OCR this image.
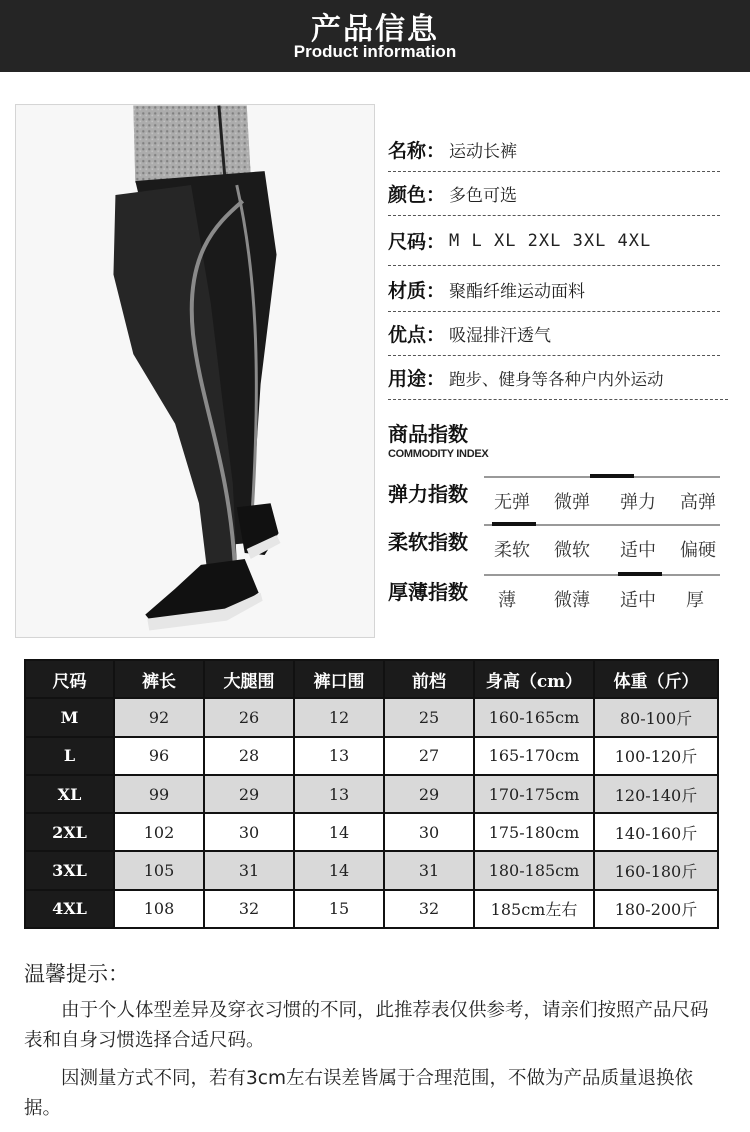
产品信息
Product information
名称 ： 运动长裤
颜色 ： 多色可选
尺码 ： M L XL 2XL 3XL 4XL
材质 ： 聚酯纤维运动面料
优点 ： 吸湿排汗透气
用途 ： 跑步、健身等各种户内外运动
商品指数
COMMODITY INDEX
弹力指数 无弹 微弹 弹力 高弹
柔软指数 柔软 微软 适中 偏硬
厚薄指数 薄 微薄 适中 厚
尺码	裤长	大腿围	裤口围	前档	身高（cm）	体重（斤）
M	92	26	12	25	160-165cm	80-100斤
L	96	28	13	27	165-170cm	100-120斤
XL	99	29	13	29	170-175cm	120-140斤
2XL	102	30	14	30	175-180cm	140-160斤
3XL	105	31	14	31	180-185cm	160-180斤
4XL	108	32	15	32	185cm左右	180-200斤
温馨提示：
由于个人体型差异及穿衣习惯的不同，此推荐表仅供参考，请亲们按照产品尺码表和自身习惯选择合适尺码。
因测量方式不同，若有3cm左右误差皆属于合理范围，不做为产品质量退换依据。
